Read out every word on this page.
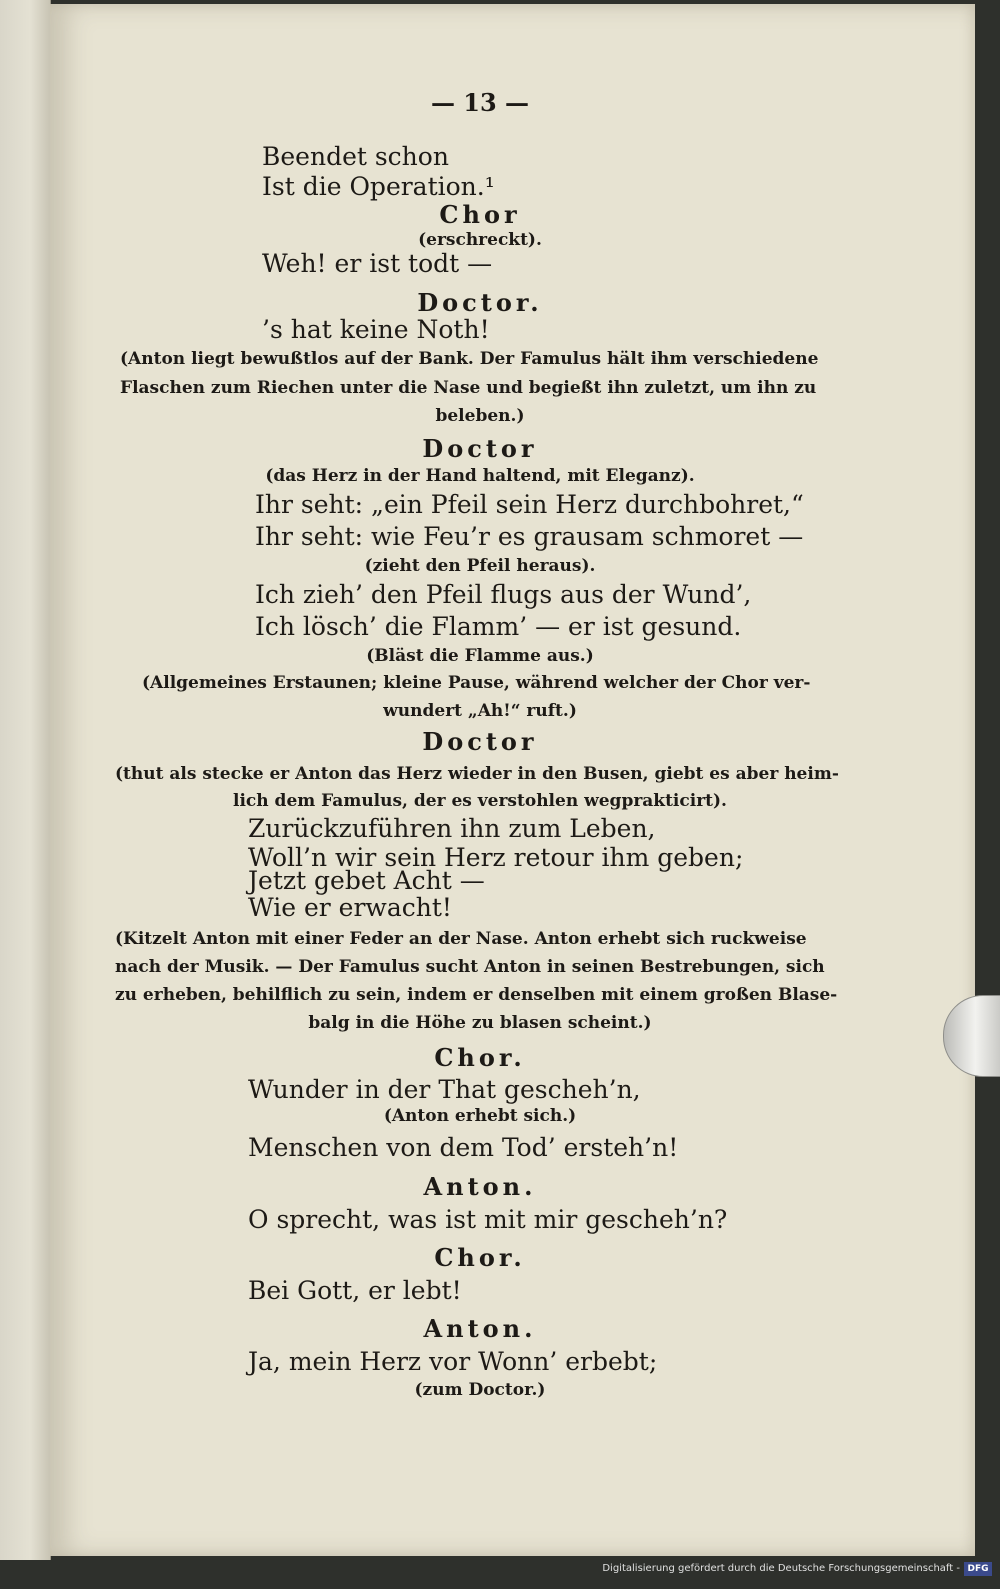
— 13 —
Beendet schon
Ist die Operation.¹
Chor
(erschreckt).
Weh! er ist todt —
Doctor.
’s hat keine Noth!
(Anton liegt bewußtlos auf der Bank. Der Famulus hält ihm verschiedene
Flaschen zum Riechen unter die Nase und begießt ihn zuletzt, um ihn zu
beleben.)
Doctor
(das Herz in der Hand haltend, mit Eleganz).
Ihr seht: „ein Pfeil sein Herz durchbohret,“
Ihr seht: wie Feu’r es grausam schmoret —
(zieht den Pfeil heraus).
Ich zieh’ den Pfeil flugs aus der Wund’,
Ich lösch’ die Flamm’ — er ist gesund.
(Bläst die Flamme aus.)
(Allgemeines Erstaunen; kleine Pause, während welcher der Chor ver-
wundert „Ah!“ ruft.)
Doctor
(thut als stecke er Anton das Herz wieder in den Busen, giebt es aber heim-
lich dem Famulus, der es verstohlen wegprakticirt).
Zurückzuführen ihn zum Leben,
Woll’n wir sein Herz retour ihm geben;
Jetzt gebet Acht —
Wie er erwacht!
(Kitzelt Anton mit einer Feder an der Nase. Anton erhebt sich ruckweise
nach der Musik. — Der Famulus sucht Anton in seinen Bestrebungen, sich
zu erheben, behilflich zu sein, indem er denselben mit einem großen Blase-
balg in die Höhe zu blasen scheint.)
Chor.
Wunder in der That gescheh’n,
(Anton erhebt sich.)
Menschen von dem Tod’ ersteh’n!
Anton.
O sprecht, was ist mit mir gescheh’n?
Chor.
Bei Gott, er lebt!
Anton.
Ja, mein Herz vor Wonn’ erbebt;
(zum Doctor.)
Digitalisierung gefördert durch die Deutsche Forschungsgemeinschaft - DFG
